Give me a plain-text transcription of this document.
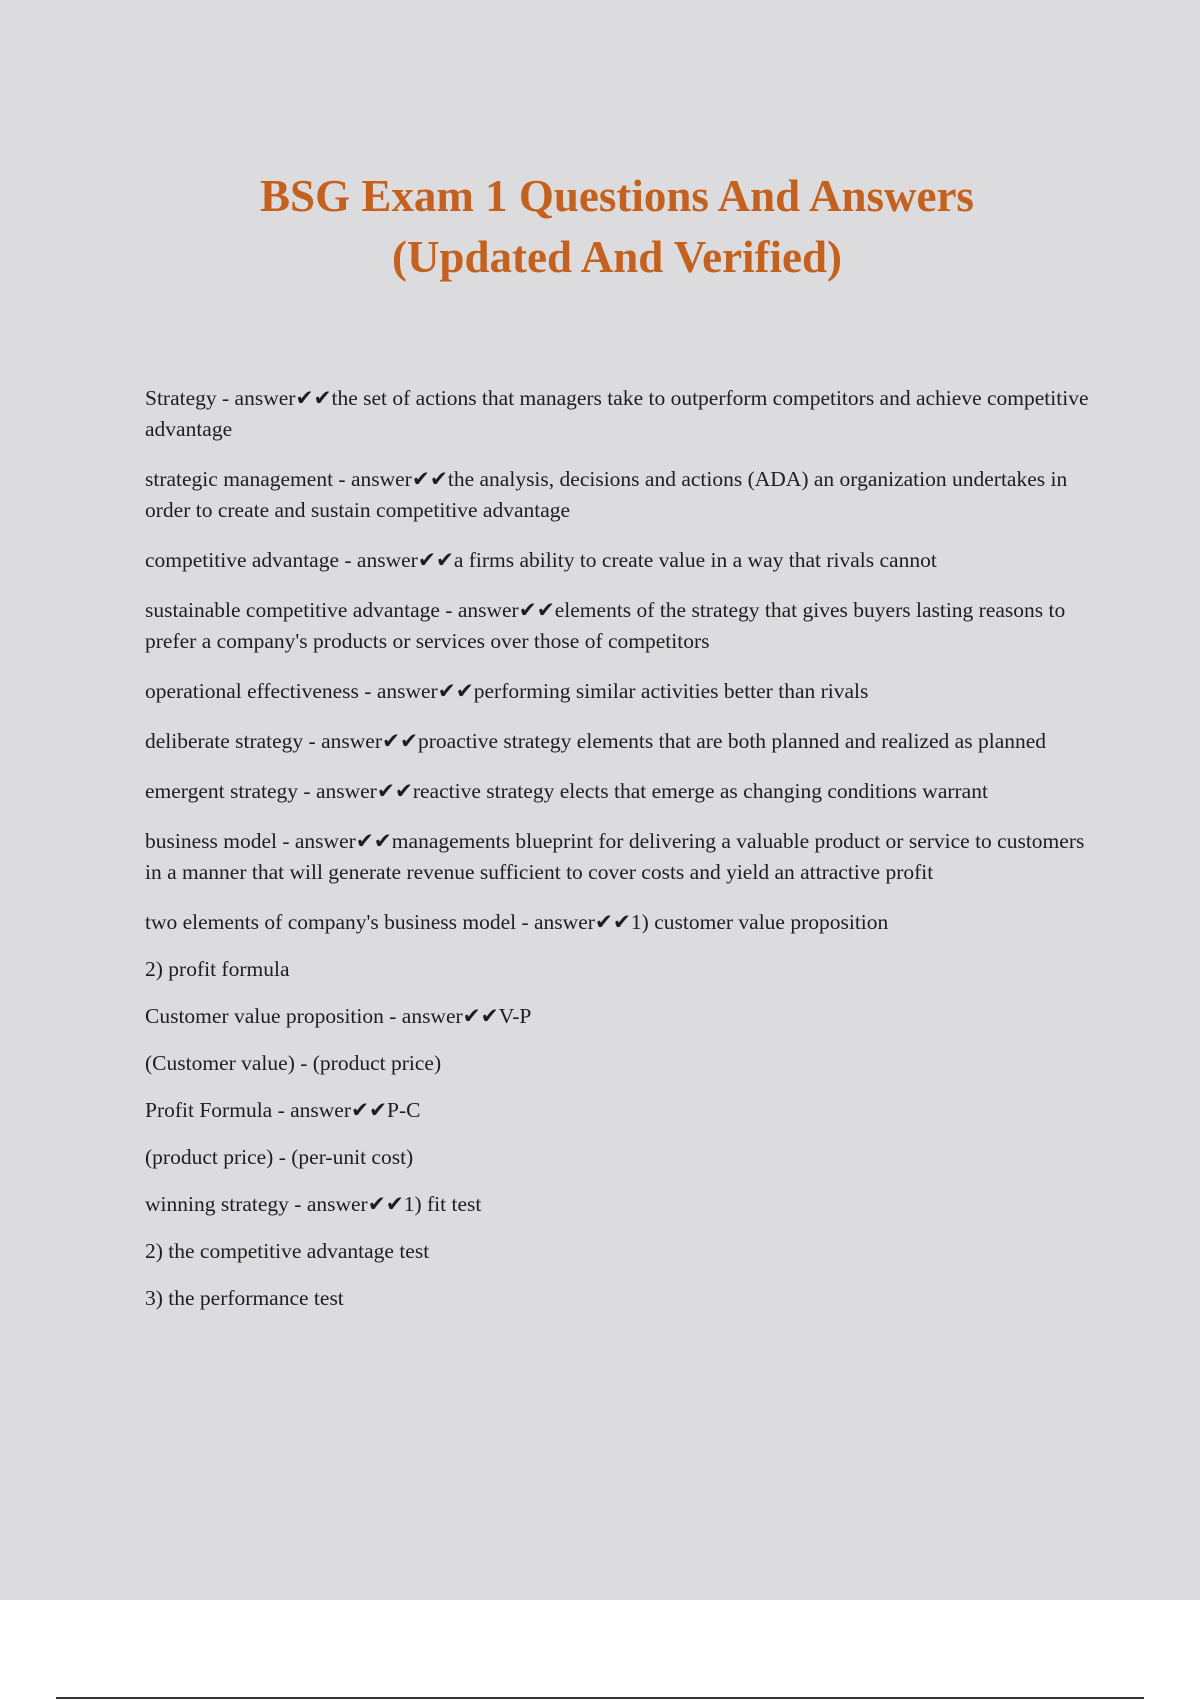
BSG Exam 1 Questions And Answers
(Updated And Verified)

Strategy - answer✔✔the set of actions that managers take to outperform competitors and achieve competitive advantage

strategic management - answer✔✔the analysis, decisions and actions (ADA) an organization undertakes in order to create and sustain competitive advantage

competitive advantage - answer✔✔a firms ability to create value in a way that rivals cannot

sustainable competitive advantage - answer✔✔elements of the strategy that gives buyers lasting reasons to prefer a company's products or services over those of competitors

operational effectiveness - answer✔✔performing similar activities better than rivals

deliberate strategy - answer✔✔proactive strategy elements that are both planned and realized as planned

emergent strategy - answer✔✔reactive strategy elects that emerge as changing conditions warrant

business model - answer✔✔managements blueprint for delivering a valuable product or service to customers in a manner that will generate revenue sufficient to cover costs and yield an attractive profit

two elements of company's business model - answer✔✔1) customer value proposition

2) profit formula

Customer value proposition - answer✔✔V-P

(Customer value) - (product price)

Profit Formula - answer✔✔P-C

(product price) - (per-unit cost)

winning strategy - answer✔✔1) fit test

2) the competitive advantage test

3) the performance test
